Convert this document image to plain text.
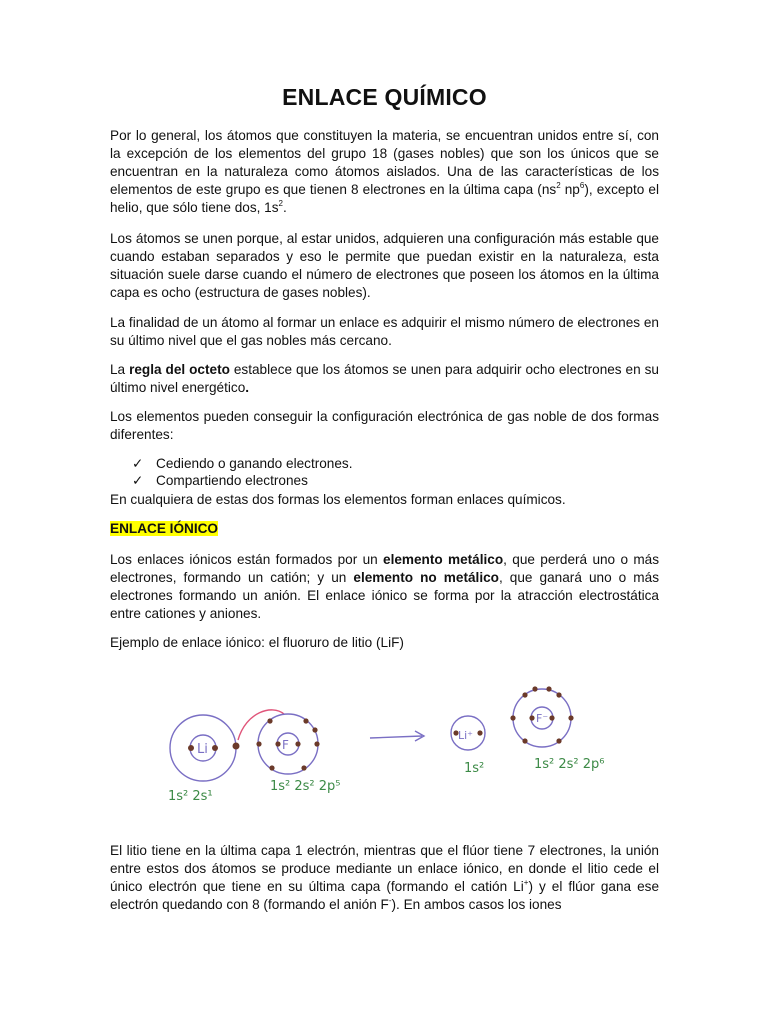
ENLACE QUÍMICO

Por lo general, los átomos que constituyen la materia, se encuentran unidos entre sí, con la excepción de los elementos del grupo 18 (gases nobles) que son los únicos que se encuentran en la naturaleza como átomos aislados. Una de las características de los elementos de este grupo es que tienen 8 electrones en la última capa ($ns^2$ $np^6$), excepto el helio, que sólo tiene dos, $1s^2$.

Los átomos se unen porque, al estar unidos, adquieren una configuración más estable que cuando estaban separados y eso le permite que puedan existir en la naturaleza, esta situación suele darse cuando el número de electrones que poseen los átomos en la última capa es ocho (estructura de gases nobles).

La finalidad de un átomo al formar un enlace es adquirir el mismo número de electrones en su último nivel que el gas nobles más cercano.

La regla del octeto establece que los átomos se unen para adquirir ocho electrones en su último nivel energético.

Los elementos pueden conseguir la configuración electrónica de gas noble de dos formas diferentes:

✓ Cediendo o ganando electrones.
✓ Compartiendo electrones

En cualquiera de estas dos formas los elementos forman enlaces químicos.

ENLACE IÓNICO

Los enlaces iónicos están formados por un elemento metálico, que perderá uno o más electrones, formando un catión; y un elemento no metálico, que ganará uno o más electrones formando un anión. El enlace iónico se forma por la atracción electrostática entre cationes y aniones.

Ejemplo de enlace iónico: el fluoruro de litio (LiF)

El litio tiene en la última capa 1 electrón, mientras que el flúor tiene 7 electrones, la unión entre estos dos átomos se produce mediante un enlace iónico, en donde el litio cede el único electrón que tiene en su última capa (formando el catión Li+) y el flúor gana ese electrón quedando con 8 (formando el anión F-). En ambos casos los iones

Li	F
Li⁺
F⁻
1s² 2s¹
1s² 2s² 2p⁵
1s²	1s² 2s² 2p⁶
